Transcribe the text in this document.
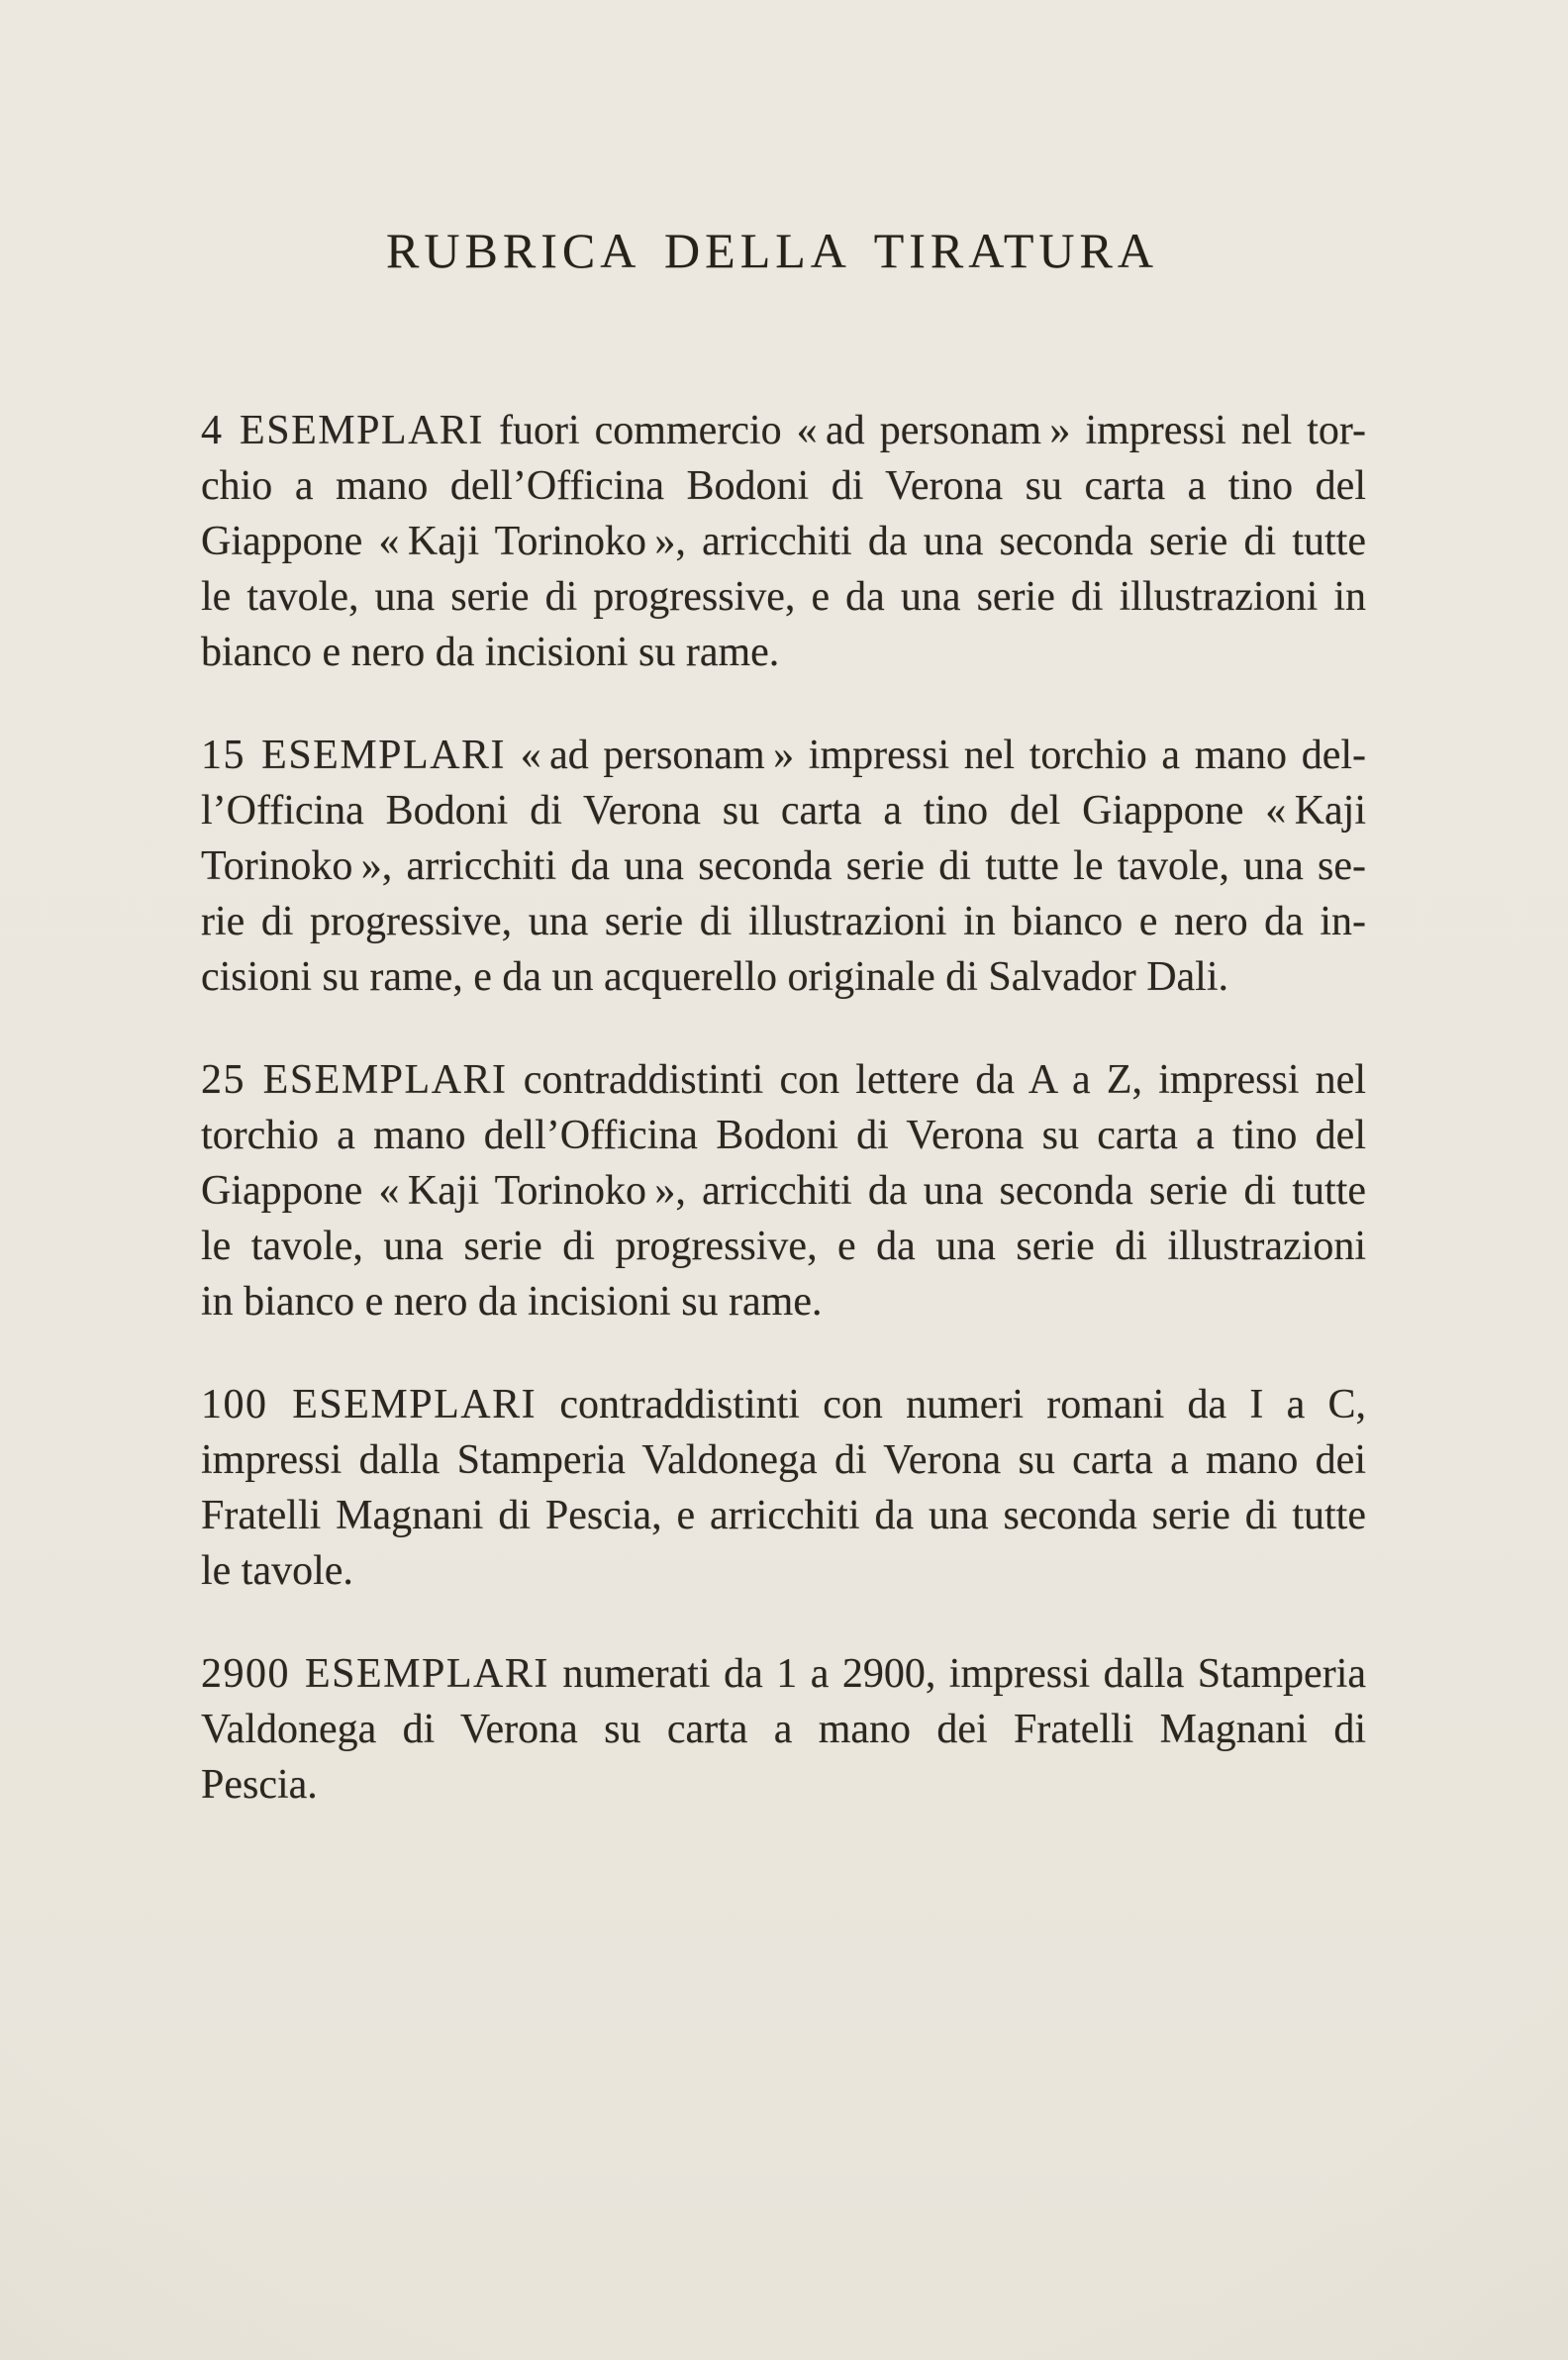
RUBRICA DELLA TIRATURA

4 ESEMPLARI fuori commercio « ad personam » impressi nel tor-
chio a mano dell’Officina Bodoni di Verona su carta a tino del
Giappone « Kaji Torinoko », arricchiti da una seconda serie di tutte
le tavole, una serie di progressive, e da una serie di illustrazioni in
bianco e nero da incisioni su rame.

15 ESEMPLARI « ad personam » impressi nel torchio a mano del-
l’Officina Bodoni di Verona su carta a tino del Giappone « Kaji
Torinoko », arricchiti da una seconda serie di tutte le tavole, una se-
rie di progressive, una serie di illustrazioni in bianco e nero da in-
cisioni su rame, e da un acquerello originale di Salvador Dali.

25 ESEMPLARI contraddistinti con lettere da A a Z, impressi nel
torchio a mano dell’Officina Bodoni di Verona su carta a tino del
Giappone « Kaji Torinoko », arricchiti da una seconda serie di tutte
le tavole, una serie di progressive, e da una serie di illustrazioni
in bianco e nero da incisioni su rame.

100 ESEMPLARI contraddistinti con numeri romani da I a C,
impressi dalla Stamperia Valdonega di Verona su carta a mano dei
Fratelli Magnani di Pescia, e arricchiti da una seconda serie di tutte
le tavole.

2900 ESEMPLARI numerati da 1 a 2900, impressi dalla Stamperia
Valdonega di Verona su carta a mano dei Fratelli Magnani di
Pescia.
